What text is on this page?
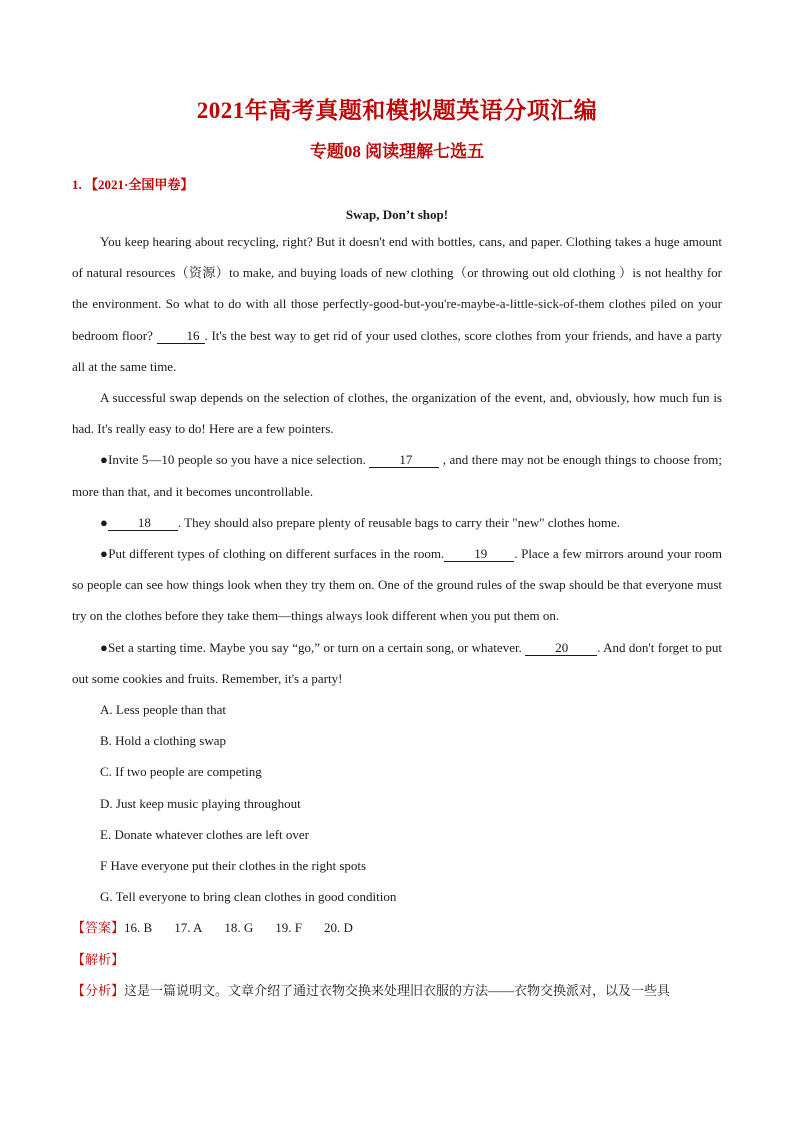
2021年高考真题和模拟题英语分项汇编
专题08 阅读理解七选五
1. 【2021·全国甲卷】
Swap, Don’t shop!

You keep hearing about recycling, right? But it doesn't end with bottles, cans, and paper. Clothing takes a huge amount of natural resources（资源）to make, and buying loads of new clothing（or throwing out old clothing ）is not healthy for the environment. So what to do with all those perfectly-good-but-you're-maybe-a-little-sick-of-them clothes piled on your bedroom floor? 16 . It's the best way to get rid of your used clothes, score clothes from your friends, and have a party all at the same time.

A successful swap depends on the selection of clothes, the organization of the event, and, obviously, how much fun is had. It's really easy to do! Here are a few pointers.

●Invite 5—10 people so you have a nice selection. 17 , and there may not be enough things to choose from; more than that, and it becomes uncontrollable.

● 18 . They should also prepare plenty of reusable bags to carry their "new" clothes home.

●Put different types of clothing on different surfaces in the room. 19 . Place a few mirrors around your room so people can see how things look when they try them on. One of the ground rules of the swap should be that everyone must try on the clothes before they take them—things always look different when you put them on.

●Set a starting time. Maybe you say “go,” or turn on a certain song, or whatever. 20 . And don't forget to put out some cookies and fruits. Remember, it's a party!

A. Less people than that

B. Hold a clothing swap

C. If two people are competing

D. Just keep music playing throughout

E. Donate whatever clothes are left over

F Have everyone put their clothes in the right spots

G. Tell everyone to bring clean clothes in good condition

【答案】16. B 17. A 18. G 19. F 20. D

【解析】

【分析】这是一篇说明文。文章介绍了通过衣物交换来处理旧衣服的方法——衣物交换派对，以及一些具
